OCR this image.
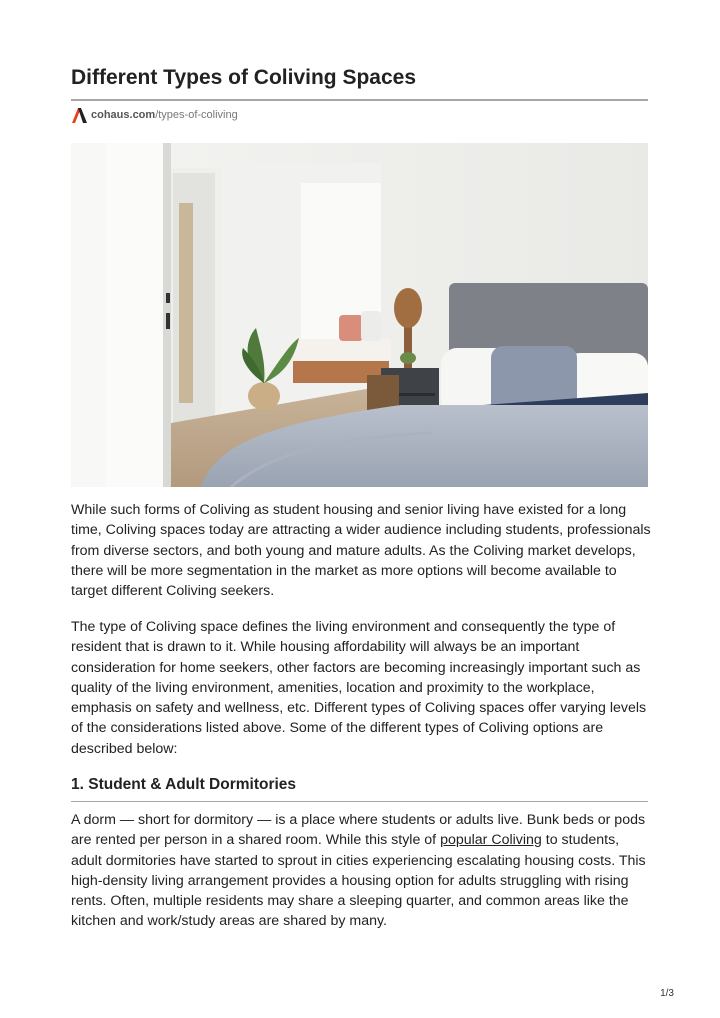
Different Types of Coliving Spaces
cohaus.com /types-of-coliving

While such forms of Coliving as student housing and senior living have existed for a long time, Coliving spaces today are attracting a wider audience including students, professionals from diverse sectors, and both young and mature adults. As the Coliving market develops, there will be more segmentation in the market as more options will become available to target different Coliving seekers.

The type of Coliving space defines the living environment and consequently the type of resident that is drawn to it. While housing affordability will always be an important consideration for home seekers, other factors are becoming increasingly important such as quality of the living environment, amenities, location and proximity to the workplace, emphasis on safety and wellness, etc. Different types of Coliving spaces offer varying levels of the considerations listed above. Some of the different types of Coliving options are described below:

1. Student & Adult Dormitories

A dorm — short for dormitory — is a place where students or adults live. Bunk beds or pods are rented per person in a shared room. While this style of popular Coliving to students, adult dormitories have started to sprout in cities experiencing escalating housing costs. This high-density living arrangement provides a housing option for adults struggling with rising rents. Often, multiple residents may share a sleeping quarter, and common areas like the kitchen and work/study areas are shared by many.

1/3
